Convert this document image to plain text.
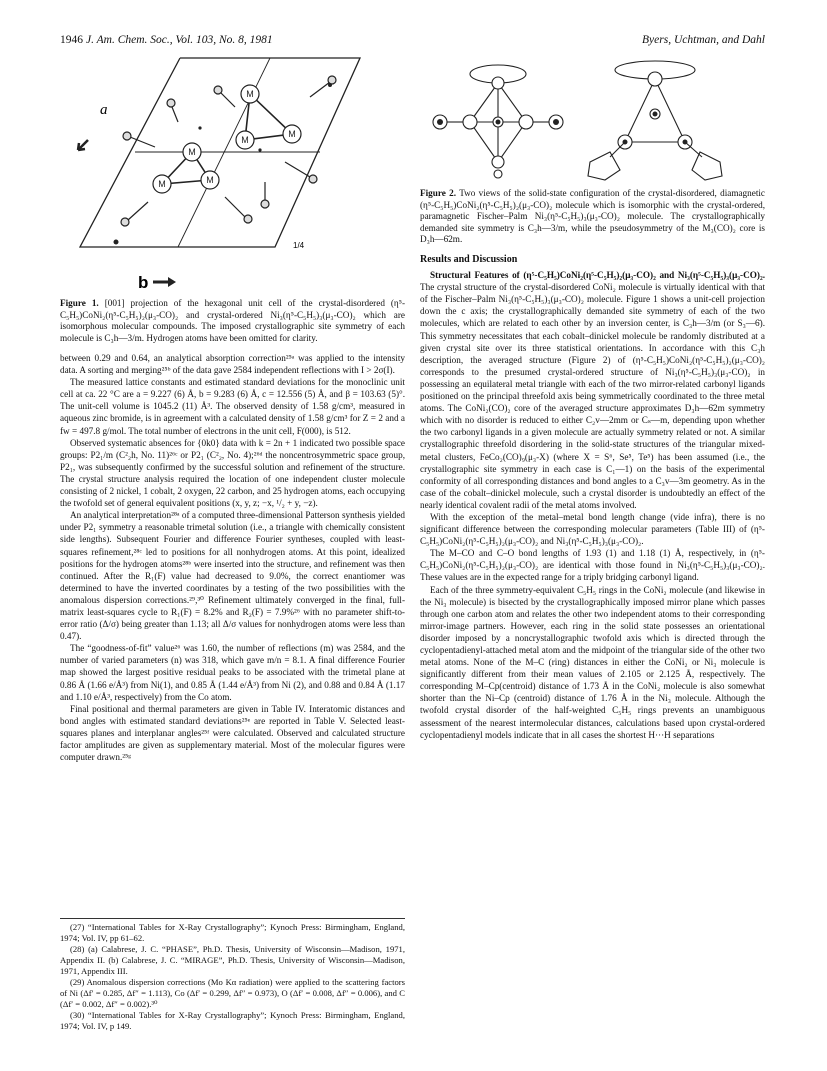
1946 J. Am. Chem. Soc., Vol. 103, No. 8, 1981	Byers, Uchtman, and Dahl
M
M
M
M
M
M
a
b
1/4
Figure 1. [001] projection of the hexagonal unit cell of the crystal-disordered (η⁵-C₅H₅)CoNi₂(η⁵-C₅H₅)₂(μ₃-CO)₂ and crystal-ordered Ni₃(η⁵-C₅H₅)₃(μ₃-CO)₂ which are isomorphous molecular compounds. The imposed crystallographic site symmetry of each molecule is C₃h—3/m. Hydrogen atoms have been omitted for clarity.

between 0.29 and 0.64, an analytical absorption correction²⁵ᵃ was applied to the intensity data. A sorting and merging²⁵ᵇ of the data gave 2584 independent reflections with I > 2σ(I).

The measured lattice constants and estimated standard deviations for the monoclinic unit cell at ca. 22 °C are a = 9.227 (6) Å, b = 9.283 (6) Å, c = 12.556 (5) Å, and β = 103.63 (5)°. The unit-cell volume is 1045.2 (11) Å³. The observed density of 1.58 g/cm³, measured in aqueous zinc bromide, is in agreement with a calculated density of 1.58 g/cm³ for Z = 2 and a fw = 497.8 g/mol. The total number of electrons in the unit cell, F(000), is 512.

Observed systematic absences for {0k0} data with k = 2n + 1 indicated two possible space groups: P2₁/m (C²₂h, No. 11)²⁶ᶜ or P2₁ (C²₂, No. 4);²⁶ᵈ the noncentrosymmetric space group, P2₁, was subsequently confirmed by the successful solution and refinement of the structure. The crystal structure analysis required the location of one independent cluster molecule consisting of 2 nickel, 1 cobalt, 2 oxygen, 22 carbon, and 25 hydrogen atoms, each occupying the twofold set of general equivalent positions (x, y, z; −x, ¹/₂ + y, −z).

An analytical interpretation²⁸ᵃ of a computed three-dimensional Patterson synthesis yielded under P2₁ symmetry a reasonable trimetal solution (i.e., a triangle with chemically consistent side lengths). Subsequent Fourier and difference Fourier syntheses, coupled with least-squares refinement,²⁸ᶜ led to positions for all nonhydrogen atoms. At this point, idealized positions for the hydrogen atoms²⁸ᵇ were inserted into the structure, and refinement was then continued. After the R₁(F) value had decreased to 9.0%, the correct enantiomer was determined to have the inverted coordinates by a testing of the two possibilities with the anomalous dispersion corrections.²⁹,³⁰ Refinement ultimately converged in the final, full-matrix least-squares cycle to R₁(F) = 8.2% and R₂(F) = 7.9%²⁶ with no parameter shift-to-error ratio (Δ/σ) being greater than 1.13; all Δ/σ values for nonhydrogen atoms were less than 0.47).

The “goodness-of-fit” value²⁶ was 1.60, the number of reflections (m) was 2584, and the number of varied parameters (n) was 318, which gave m/n = 8.1. A final difference Fourier map showed the largest positive residual peaks to be associated with the trimetal plane at 0.86 Å (1.66 e/Å³) from Ni(1), and 0.85 Å (1.44 e/Å³) from Ni (2), and 0.88 and 0.84 Å (1.17 and 1.10 e/Å³, respectively) from the Co atom.

Final positional and thermal parameters are given in Table IV. Interatomic distances and bond angles with estimated standard deviations²⁵ᵉ are reported in Table V. Selected least-squares planes and interplanar angles²⁵ᶠ were calculated. Observed and calculated structure factor amplitudes are given as supplementary material. Most of the molecular figures were computer drawn.²⁵ᵍ

(27) “International Tables for X-Ray Crystallography”; Kynoch Press: Birmingham, England, 1974; Vol. IV, pp 61–62.

(28) (a) Calabrese, J. C. “PHASE”, Ph.D. Thesis, University of Wisconsin—Madison, 1971, Appendix II. (b) Calabrese, J. C. “MIRAGE”, Ph.D. Thesis, University of Wisconsin—Madison, 1971, Appendix III.

(29) Anomalous dispersion corrections (Mo Kα radiation) were applied to the scattering factors of Ni (Δf′ = 0.285, Δf″ = 1.113), Co (Δf′ = 0.299, Δf″ = 0.973), O (Δf′ = 0.008, Δf″ = 0.006), and C (Δf′ = 0.002, Δf″ = 0.002).³⁰

(30) “International Tables for X-Ray Crystallography”; Kynoch Press: Birmingham, England, 1974; Vol. IV, p 149.

Figure 2. Two views of the solid-state configuration of the crystal-disordered, diamagnetic (η⁵-C₅H₅)CoNi₂(η⁵-C₅H₅)₂(μ₃-CO)₂ molecule which is isomorphic with the crystal-ordered, paramagnetic Fischer–Palm Ni₃(η⁵-C₅H₅)₃(μ₃-CO)₂ molecule. The crystallographically demanded site symmetry is C₃h—3/m, while the pseudosymmetry of the M₃(CO)₂ core is D₃h—6̄2m.
Results and Discussion

Structural Features of (η⁵-C₅H₅)CoNi₂(η⁵-C₅H₅)₂(μ₃-CO)₂ and Ni₃(η⁵-C₅H₅)₃(μ₃-CO)₂. The crystal structure of the crystal-disordered CoNi₂ molecule is virtually identical with that of the Fischer–Palm Ni₃(η⁵-C₅H₅)₃(μ₃-CO)₂ molecule. Figure 1 shows a unit-cell projection down the c axis; the crystallographically demanded site symmetry of each of the two molecules, which are related to each other by an inversion center, is C₃h—3/m (or S₃—6̄). This symmetry necessitates that each cobalt–dinickel molecule be randomly distributed at a given crystal site over its three statistical orientations. In accordance with this C₃h description, the averaged structure (Figure 2) of (η⁵-C₅H₅)CoNi₂(η⁵-C₅H₅)₂(μ₃-CO)₂ corresponds to the presumed crystal-ordered structure of Ni₃(η⁵-C₅H₅)₃(μ₃-CO)₂ in possessing an equilateral metal triangle with each of the two mirror-related carbonyl ligands positioned on the principal threefold axis being symmetrically coordinated to the three metal atoms. The CoNi₂(CO)₂ core of the averaged structure approximates D₃h—6̄2m symmetry which with no disorder is reduced to either C₂v—2mm or Cₛ—m, depending upon whether the two carbonyl ligands in a given molecule are actually symmetry related or not. A similar crystallographic threefold disordering in the solid-state structures of the triangular mixed-metal clusters, FeCo₂(CO)₉(μ₃-X) (where X = S⁶, Se⁵, Te⁵) has been assumed (i.e., the crystallographic site symmetry in each case is C₁—1) on the basis of the experimental conformity of all corresponding distances and bond angles to a C₃v—3m geometry. As in the case of the cobalt–dinickel molecule, such a crystal disorder is undoubtedly an effect of the nearly identical covalent radii of the metal atoms involved.

With the exception of the metal–metal bond length change (vide infra), there is no significant difference between the corresponding molecular parameters (Table III) of (η⁵-C₅H₅)CoNi₂(η⁵-C₅H₅)₂(μ₃-CO)₂ and Ni₃(η⁵-C₅H₅)₃(μ₃-CO)₂.

The M–CO and C–O bond lengths of 1.93 (1) and 1.18 (1) Å, respectively, in (η⁵-C₅H₅)CoNi₂(η⁵-C₅H₅)₂(μ₃-CO)₂ are identical with those found in Ni₃(η⁵-C₅H₅)₃(μ₃-CO)₂. These values are in the expected range for a triply bridging carbonyl ligand.

Each of the three symmetry-equivalent C₅H₅ rings in the CoNi₂ molecule (and likewise in the Ni₃ molecule) is bisected by the crystallographically imposed mirror plane which passes through one carbon atom and relates the other two independent atoms to their corresponding mirror-image partners. However, each ring in the solid state possesses an orientational disorder imposed by a noncrystallographic twofold axis which is directed through the cyclopentadienyl-attached metal atom and the midpoint of the triangular side of the other two metal atoms. None of the M–C (ring) distances in either the CoNi₂ or Ni₃ molecule is significantly different from their mean values of 2.105 or 2.125 Å, respectively. The corresponding M–Cp(centroid) distance of 1.73 Å in the CoNi₂ molecule is also somewhat shorter than the Ni–Cp (centroid) distance of 1.76 Å in the Ni₃ molecule. Although the twofold crystal disorder of the half-weighted C₅H₅ rings prevents an unambiguous assessment of the nearest intermolecular distances, calculations based upon crystal-ordered cyclopentadienyl models indicate that in all cases the shortest H···H separations
